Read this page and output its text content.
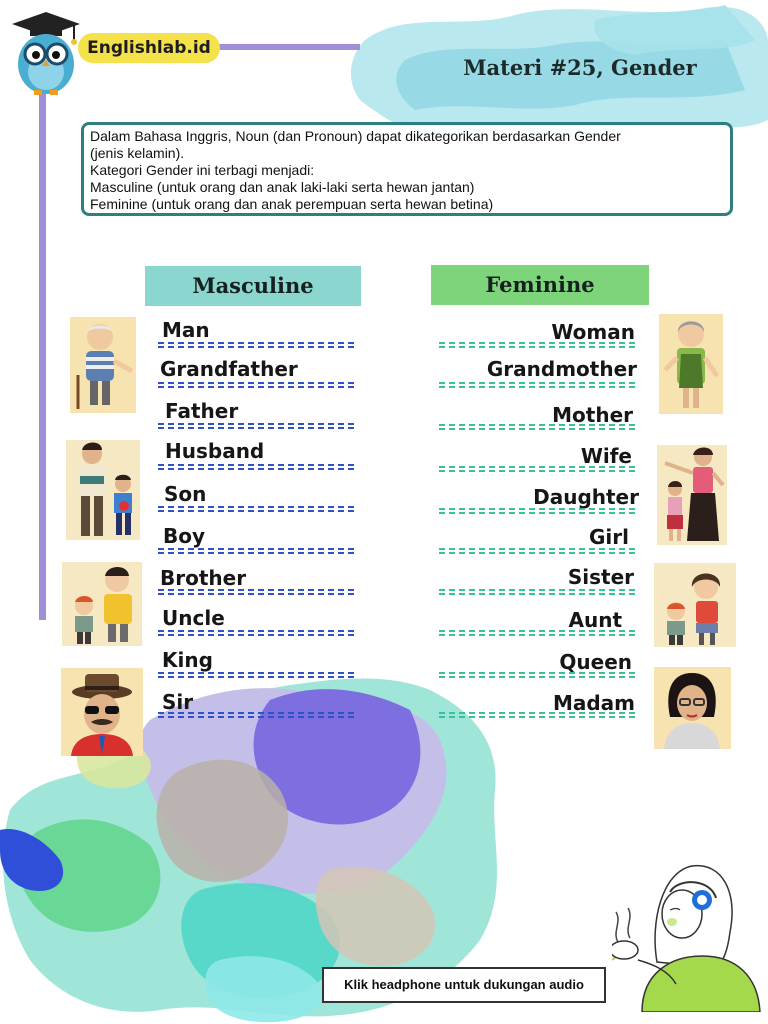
Englishlab.id
Materi #25, Gender
Dalam Bahasa Inggris, Noun (dan Pronoun) dapat dikategorikan berdasarkan Gender
(jenis kelamin).
Kategori Gender ini terbagi menjadi:
Masculine (untuk orang dan anak laki-laki serta hewan jantan)
Feminine (untuk orang dan anak perempuan serta hewan betina)
Masculine	Feminine
Man
Grandfather
Father
Husband
Son
Boy
Brother
Uncle
King
Sir
Woman
Grandmother
Mother
Wife
Daughter
Girl
Sister
Aunt
Queen
Madam
Klik headphone untuk dukungan audio
